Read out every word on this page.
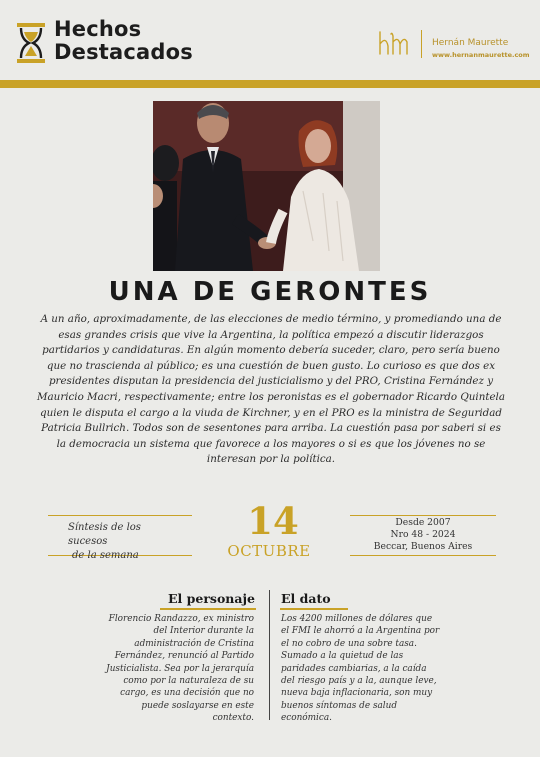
Hechos
Destacados	Hernán Maurette
www.hernanmaurette.com
UNA DE GERONTES
A un año, aproximadamente, de las elecciones de medio término, y promediando una de esas grandes crisis que vive la Argentina, la política empezó a discutir liderazgos partidarios y candidaturas. En algún momento debería suceder, claro, pero sería bueno que no trascienda al público; es una cuestión de buen gusto. Lo curioso es que dos ex presidentes disputan la presidencia del justicialismo y del PRO, Cristina Fernández y Mauricio Macri, respectivamente; entre los peronistas es el gobernador Ricardo Quintela quien le disputa el cargo a la viuda de Kirchner, y en el PRO es la ministra de Seguridad Patricia Bullrich. Todos son de sesentones para arriba. La cuestión pasa por saberi si es la democracia un sistema que favorece a los mayores o si es que los jóvenes no se interesan por la política.
Síntesis de los sucesos
de la semana
14
OCTUBRE
Desde 2007
Nro 48 - 2024
Beccar, Buenos Aires
El personaje El dato
Florencio Randazzo, ex ministro del Interior durante la administración de Cristina Fernández, renunció al Partido Justicialista. Sea por la jerarquía como por la naturaleza de su cargo, es una decisión que no puede soslayarse en este contexto.
Los 4200 millones de dólares que el FMI le ahorró a la Argentina por el no cobro de una sobre tasa. Sumado a la quietud de las paridades cambiarias, a la caída del riesgo país y a la, aunque leve, nueva baja inflacionaria, son muy buenos síntomas de salud económica.
